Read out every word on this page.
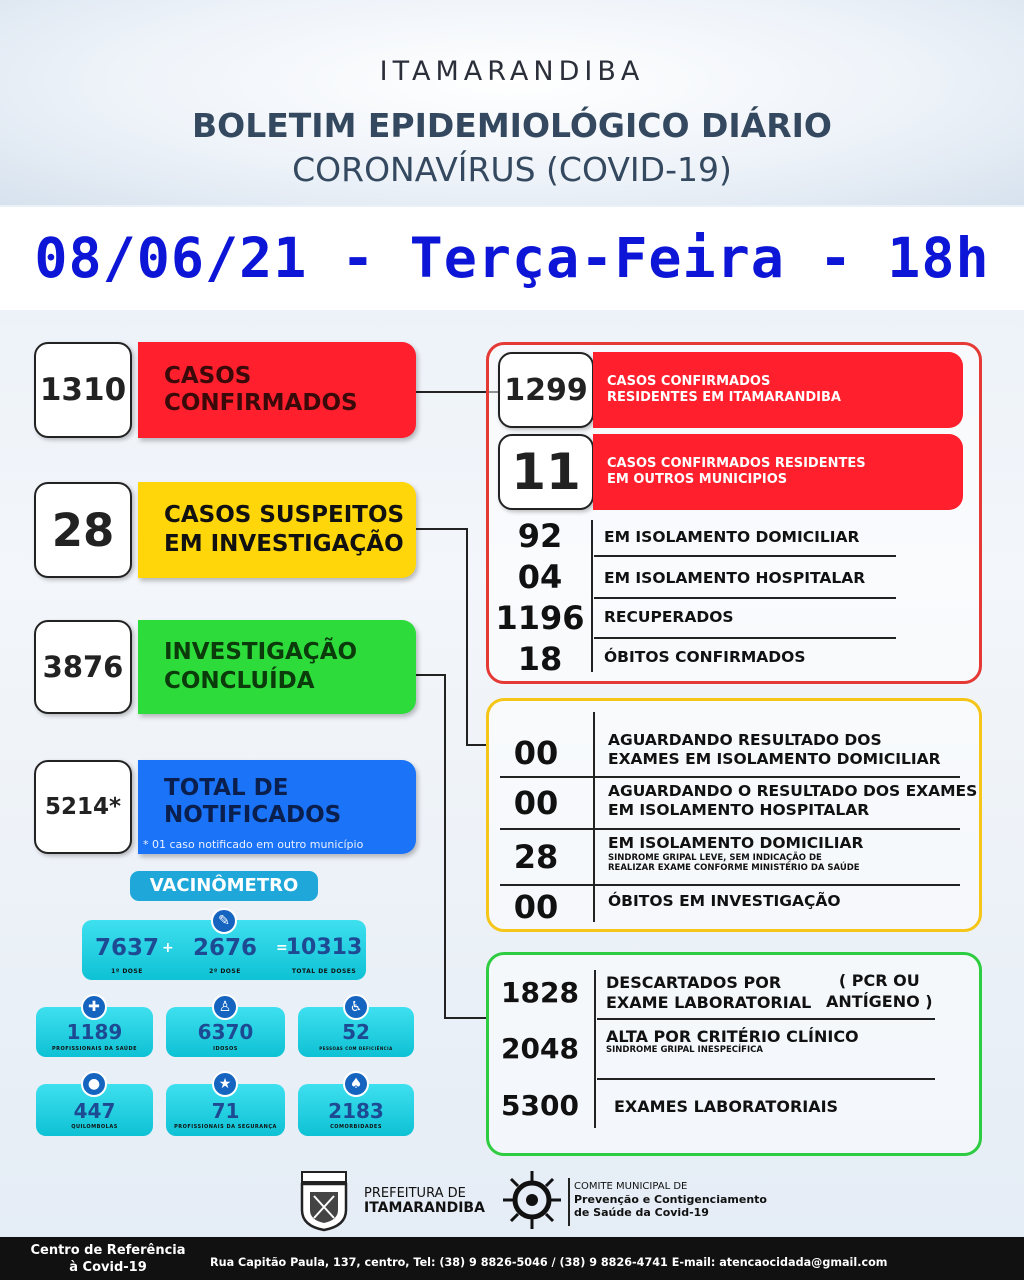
ITAMARANDIBA
BOLETIM EPIDEMIOLÓGICO DIÁRIO
CORONAVÍRUS (COVID-19)
08/06/21 - Terça-Feira - 18h
1310 CASOS
CONFIRMADOS
28	CASOS SUSPEITOS
EM INVESTIGAÇÃO
3876	INVESTIGAÇÃO
CONCLUÍDA
5214*
TOTAL DE
NOTIFICADOS
* 01 caso notificado em outro município
1299	CASOS CONFIRMADOS
RESIDENTES EM ITAMARANDIBA
11	CASOS CONFIRMADOS RESIDENTES
EM OUTROS MUNICIPIOS
92	EM ISOLAMENTO DOMICILIAR
04	EM ISOLAMENTO HOSPITALAR
1196	RECUPERADOS
18	ÓBITOS CONFIRMADOS
00	AGUARDANDO RESULTADO DOS
EXAMES EM ISOLAMENTO DOMICILIAR
00	AGUARDANDO O RESULTADO DOS EXAMES
EM ISOLAMENTO HOSPITALAR
28	EM ISOLAMENTO DOMICILIAR
SINDROME GRIPAL LEVE, SEM INDICAÇÃO DE
REALIZAR EXAME CONFORME MINISTÉRIO DA SAÚDE
00	ÓBITOS EM INVESTIGAÇÃO
1828	DESCARTADOS POR
EXAME LABORATORIAL
( PCR OU
ANTÍGENO )
2048	ALTA POR CRITÉRIO CLÍNICO
SINDROME GRIPAL INESPECÍFICA
5300	EXAMES LABORATORIAIS
VACINÔMETRO
✎
7637
1º DOSE
+ 2676
2º DOSE
=
10313
TOTAL DE DOSES
✚
1189
PROFISSIONAIS DA SAÚDE
♙
6370
IDOSOS
♿
52
PESSOAS COM DEFICIÊNCIA
●
447
QUILOMBOLAS
★
71
PROFISSIONAIS DA SEGURANÇA
♠
2183
COMORBIDADES
PREFEITURA DE
ITAMARANDIBA
COMITE MUNICIPAL DE
Prevenção e Contigenciamento
de Saúde da Covid-19
Centro de Referência
à Covid-19	Rua Capitão Paula, 137, centro, Tel: (38) 9 8826-5046 / (38) 9 8826-4741 E-mail: atencaocidada@gmail.com
